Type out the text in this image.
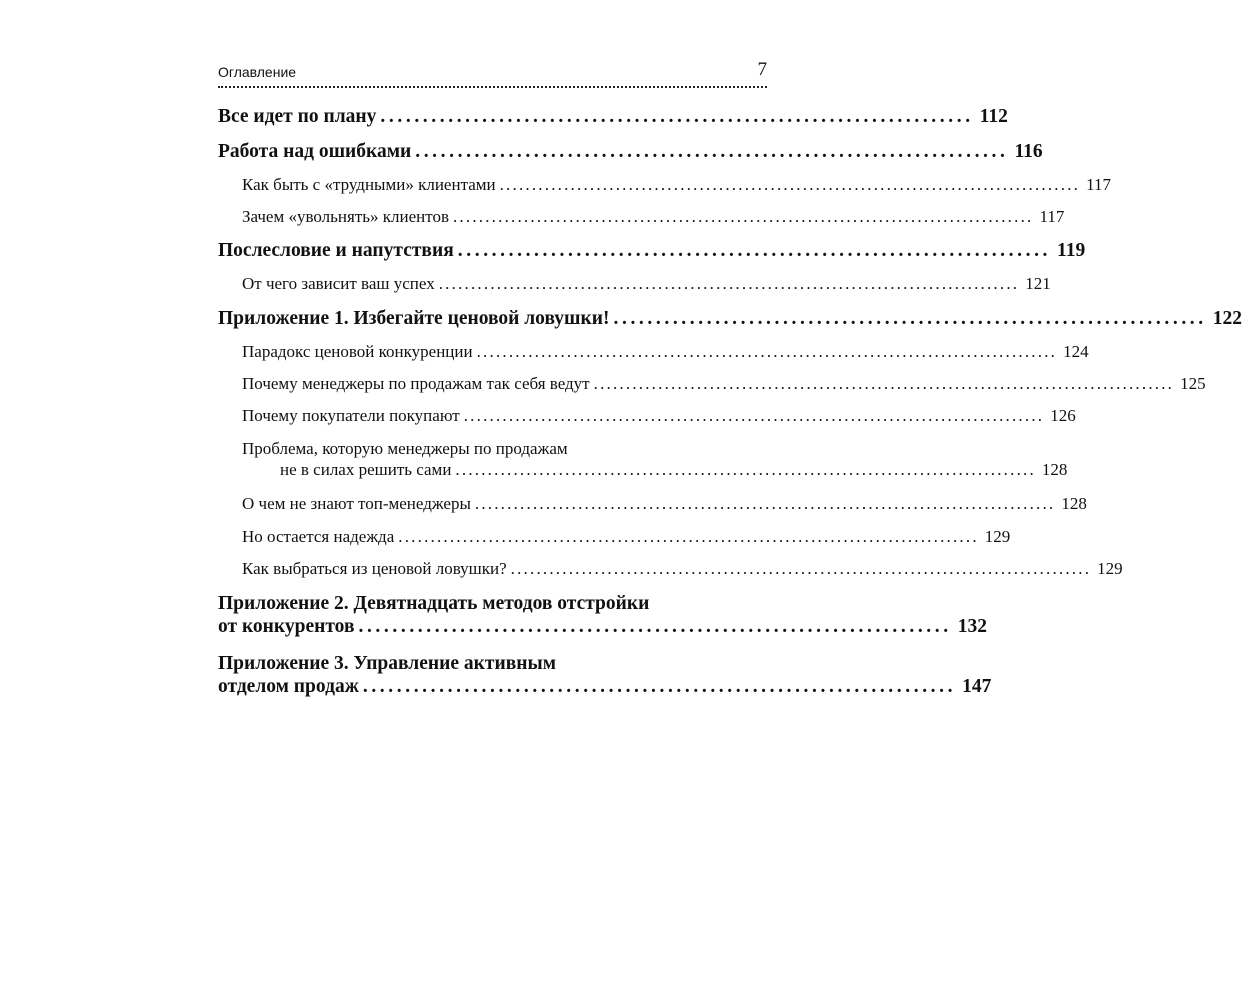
Оглавление	7
Все идет по плану ...................................................................... 112
Работа над ошибками ...................................................................... 116
Как быть с «трудными» клиентами .......................................................................................... 117
Зачем «увольнять» клиентов .......................................................................................... 117
Послесловие и напутствия ...................................................................... 119
От чего зависит ваш успех .......................................................................................... 121
Приложение 1. Избегайте ценовой ловушки! ...................................................................... 122
Парадокс ценовой конкуренции .......................................................................................... 124
Почему менеджеры по продажам так себя ведут .......................................................................................... 125
Почему покупатели покупают .......................................................................................... 126
Проблема, которую менеджеры по продажам
не в силах решить сами .......................................................................................... 128
О чем не знают топ-менеджеры .......................................................................................... 128
Но остается надежда .......................................................................................... 129
Как выбраться из ценовой ловушки? .......................................................................................... 129
Приложение 2. Девятнадцать методов отстройки
от конкурентов ...................................................................... 132
Приложение 3. Управление активным
отделом продаж ...................................................................... 147
